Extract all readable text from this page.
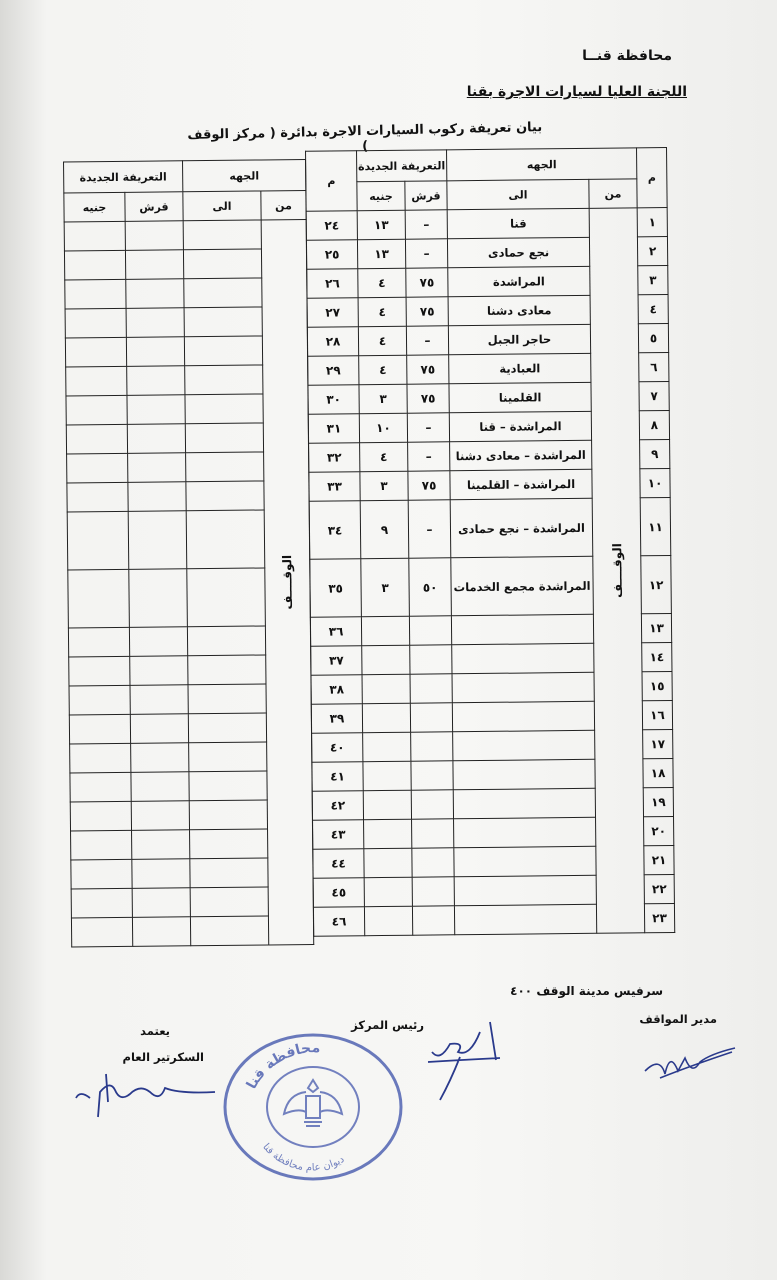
محافظة قنــا
اللجنة العليا لسيارات الاجرة بقنا
بيان تعريفة ركوب السيارات الاجرة بدائرة ( مركز الوقف )
م	الجهه		التعريفة الجديدة		م
	من	الى	قرش	جنيه	
١	الوقــــف	قنا	–	١٣	٢٤
٢		نجع حمادى	–	١٣	٢٥
٣		المراشدة	٧٥	٤	٢٦
٤		معادى دشنا	٧٥	٤	٢٧
٥		حاجر الجبل	–	٤	٢٨
٦		العبادية	٧٥	٤	٢٩
٧		القلمينا	٧٥	٣	٣٠
٨		المراشدة – قنا	–	١٠	٣١
٩		المراشدة – معادى دشنا	–	٤	٣٢
١٠		المراشدة – القلمينا	٧٥	٣	٣٣
١١		المراشدة – نجع حمادى	–	٩	٣٤
١٢		المراشدة مجمع الخدمات	٥٠	٣	٣٥
١٣					٣٦
١٤					٣٧
١٥					٣٨
١٦					٣٩
١٧					٤٠
١٨					٤١
١٩					٤٢
٢٠					٤٣
٢١					٤٤
٢٢					٤٥
٢٣					٤٦
الجهه		التعريفة الجديدة	
من	الى	قرش	جنيه

الوقــــف			

سرفيس مدينة الوقف ٤٠٠
مدير المواقف
رئيس المركز
يعتمد
السكرتير العام
محافظة قنا
ديوان عام محافظة قنا
